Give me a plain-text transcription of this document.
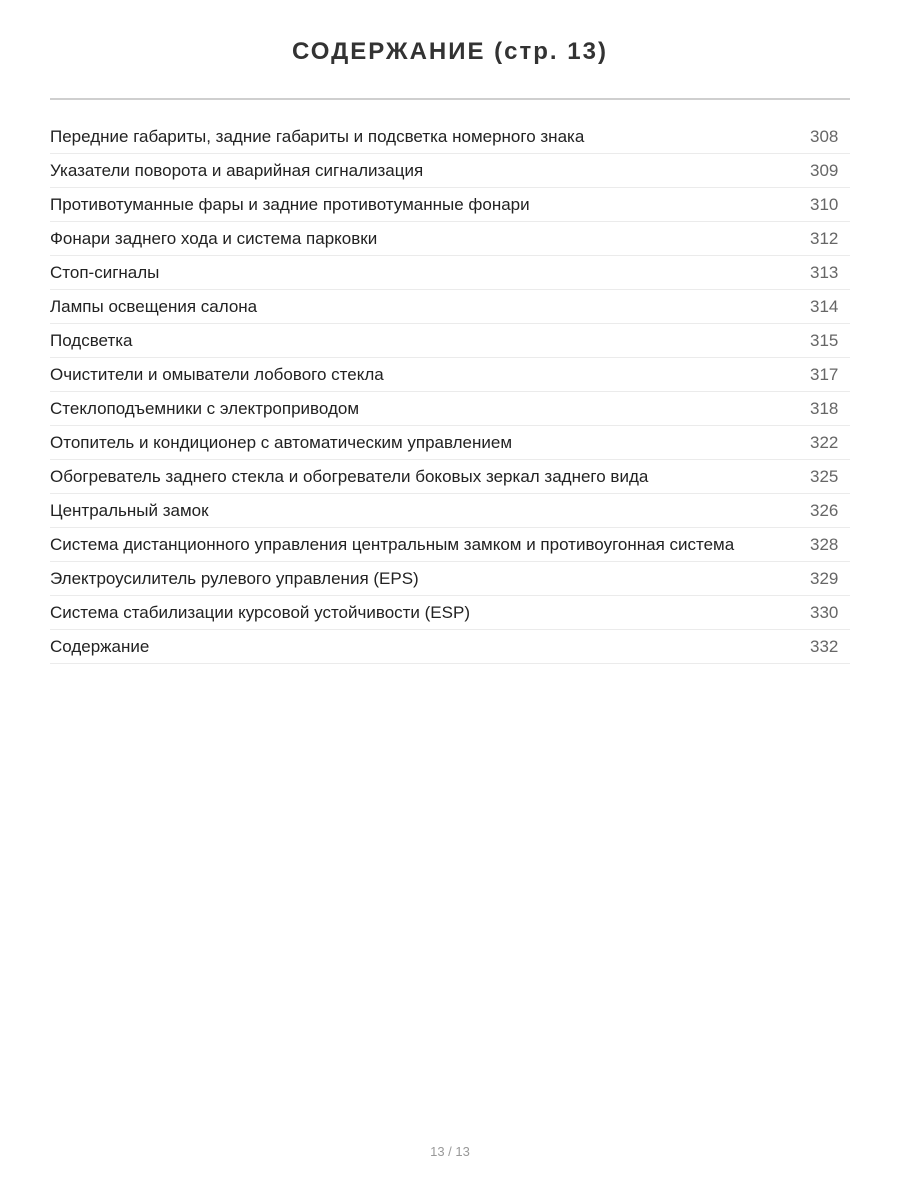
СОДЕРЖАНИЕ (стр. 13)
Передние габариты, задние габариты и подсветка номерного знака	308
Указатели поворота и аварийная сигнализация	309
Противотуманные фары и задние противотуманные фонари	310
Фонари заднего хода и система парковки	312
Стоп-сигналы	313
Лампы освещения салона	314
Подсветка	315
Очистители и омыватели лобового стекла	317
Стеклоподъемники с электроприводом	318
Отопитель и кондиционер с автоматическим управлением	322
Обогреватель заднего стекла и обогреватели боковых зеркал заднего вида	325
Центральный замок	326
Система дистанционного управления центральным замком и противоугонная система	328
Электроусилитель рулевого управления (EPS)	329
Система стабилизации курсовой устойчивости (ESP)	330
Содержание	332
13 / 13
